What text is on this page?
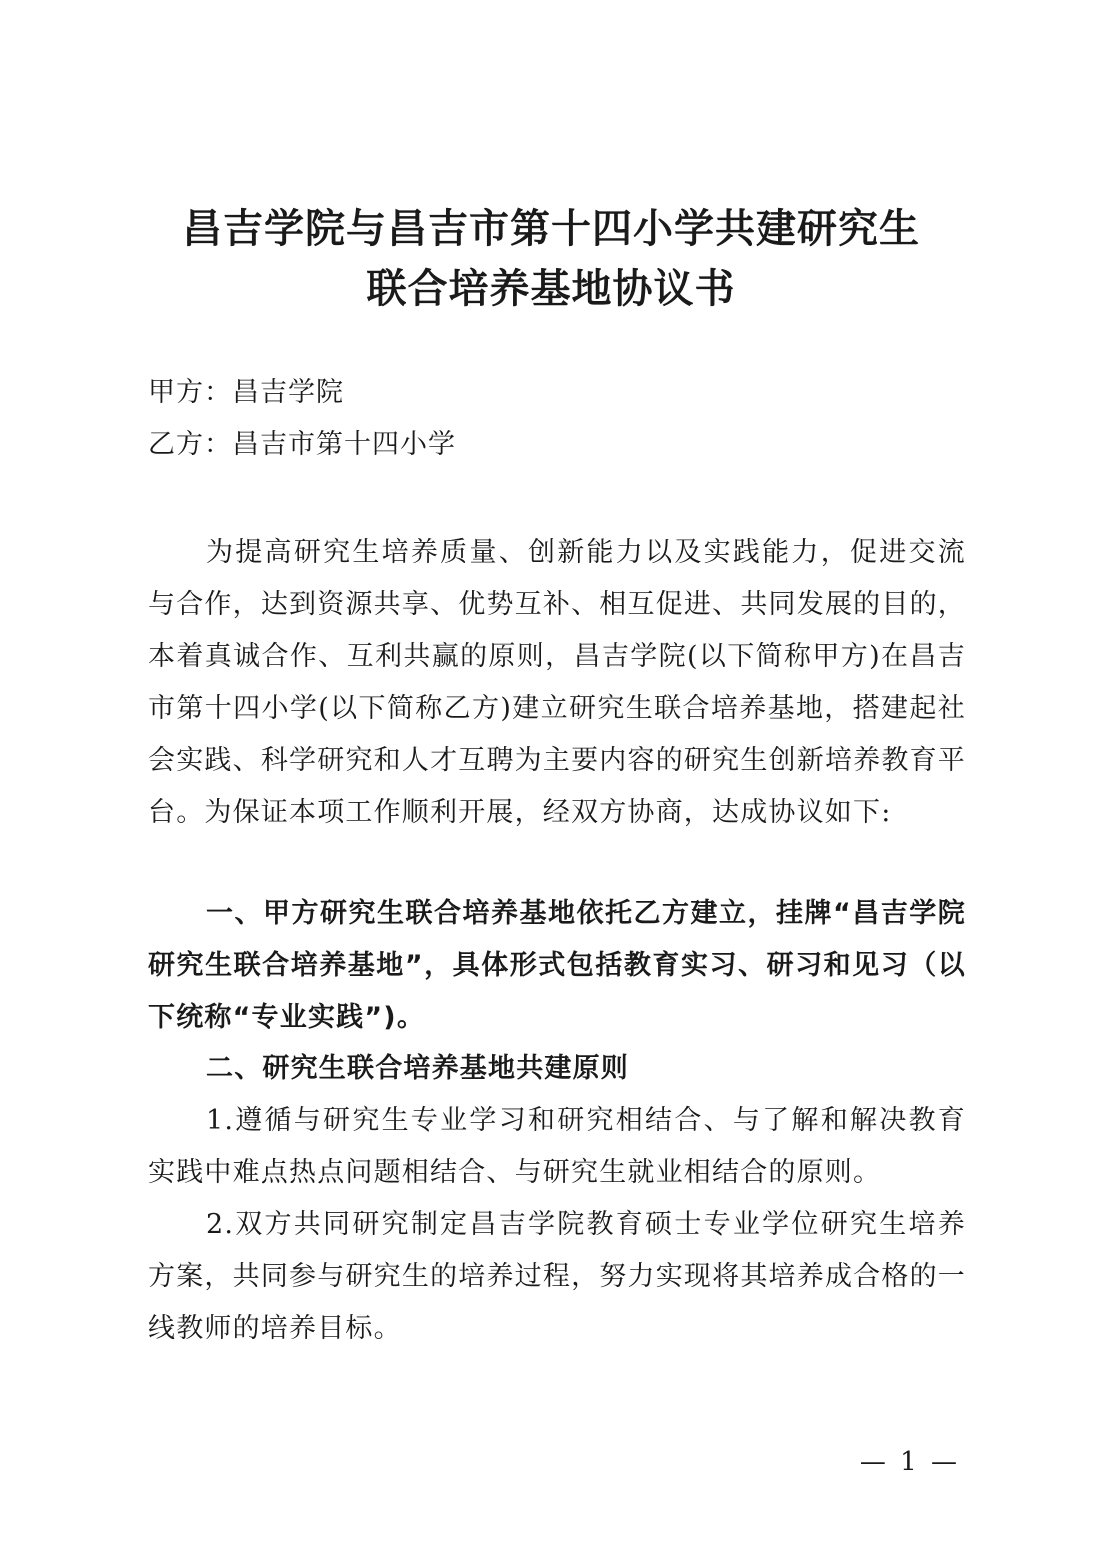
昌吉学院与昌吉市第十四小学共建研究生
联合培养基地协议书
甲方：昌吉学院
乙方：昌吉市第十四小学
为提高研究生培养质量、创新能力以及实践能力，促进交流与合作，达到资源共享、优势互补、相互促进、共同发展的目的，本着真诚合作、互利共赢的原则，昌吉学院(以下简称甲方)在昌吉市第十四小学(以下简称乙方)建立研究生联合培养基地，搭建起社会实践、科学研究和人才互聘为主要内容的研究生创新培养教育平台。为保证本项工作顺利开展，经双方协商，达成协议如下:
一、甲方研究生联合培养基地依托乙方建立，挂牌“昌吉学院研究生联合培养基地”，具体形式包括教育实习、研习和见习（以下统称“专业实践”)。
二、研究生联合培养基地共建原则
1.遵循与研究生专业学习和研究相结合、与了解和解决教育实践中难点热点问题相结合、与研究生就业相结合的原则。
2.双方共同研究制定昌吉学院教育硕士专业学位研究生培养方案，共同参与研究生的培养过程，努力实现将其培养成合格的一线教师的培养目标。
— 1 —
